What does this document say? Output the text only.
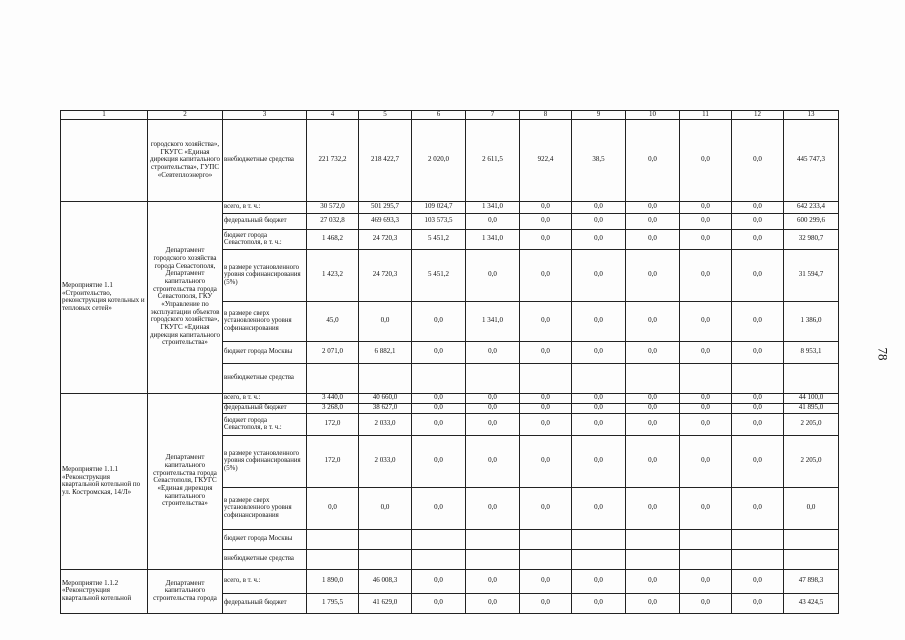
1	2	3	4	5	6	7	8	9	10	11	12	13
	городского хозяйства», ГКУГС «Единая дирекция капитального строительства», ГУПС «Севтеплоэнерго»	внебюджетные средства	221 732,2	218 422,7	2 020,0	2 611,5	922,4	38,5	0,0	0,0	0,0	445 747,3
Мероприятие 1.1 «Строительство, реконструкция котельных и тепловых сетей»	Департамент городского хозяйства города Севастополя, Департамент капитального строительства города Севастополя, ГКУ «Управление по эксплуатации объектов городского хозяйства», ГКУГС «Единая дирекция капитального строительства»	всего, в т. ч.:	30 572,0	501 295,7	109 024,7	1 341,0	0,0	0,0	0,0	0,0	0,0	642 233,4
		федеральный бюджет	27 032,8	469 693,3	103 573,5	0,0	0,0	0,0	0,0	0,0	0,0	600 299,6
		бюджет города Севастополя, в т. ч.:	1 468,2	24 720,3	5 451,2	1 341,0	0,0	0,0	0,0	0,0	0,0	32 980,7
		в размере установленного уровня софинансирования (5%)	1 423,2	24 720,3	5 451,2	0,0	0,0	0,0	0,0	0,0	0,0	31 594,7
		в размере сверх установленного уровня софинансирования	45,0	0,0	0,0	1 341,0	0,0	0,0	0,0	0,0	0,0	1 386,0
		бюджет города Москвы	2 071,0	6 882,1	0,0	0,0	0,0	0,0	0,0	0,0	0,0	8 953,1
		внебюджетные средства										
Мероприятие 1.1.1 «Реконструкция квартальной котельной по ул. Костромская, 14/Л»	Департамент капитального строительства города Севастополя, ГКУГС «Единая дирекция капитального строительства»	всего, в т. ч.:	3 440,0	40 660,0	0,0	0,0	0,0	0,0	0,0	0,0	0,0	44 100,0
		федеральный бюджет	3 268,0	38 627,0	0,0	0,0	0,0	0,0	0,0	0,0	0,0	41 895,0
		бюджет города Севастополя, в т. ч.:	172,0	2 033,0	0,0	0,0	0,0	0,0	0,0	0,0	0,0	2 205,0
		в размере установленного уровня софинансирования (5%)	172,0	2 033,0	0,0	0,0	0,0	0,0	0,0	0,0	0,0	2 205,0
		в размере сверх установленного уровня софинансирования	0,0	0,0	0,0	0,0	0,0	0,0	0,0	0,0	0,0	0,0
		бюджет города Москвы										
		внебюджетные средства										
Мероприятие 1.1.2 «Реконструкция квартальной котельной	Департамент капитального строительства города	всего, в т. ч.:	1 890,0	46 008,3	0,0	0,0	0,0	0,0	0,0	0,0	0,0	47 898,3
		федеральный бюджет	1 795,5	41 629,0	0,0	0,0	0,0	0,0	0,0	0,0	0,0	43 424,5
78
